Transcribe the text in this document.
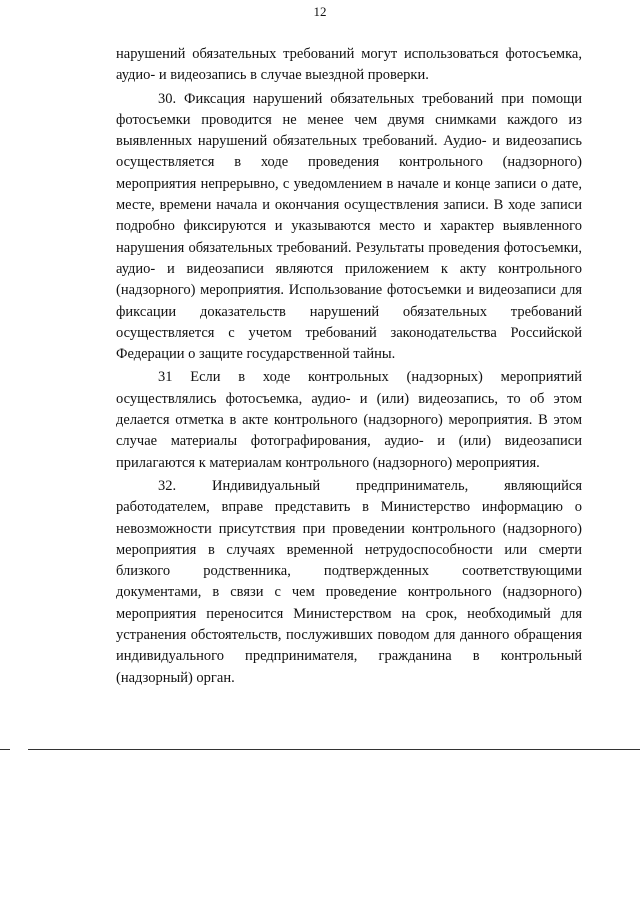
12

нарушений обязательных требований могут использоваться фотосъемка, аудио- и видеозапись в случае выездной проверки.

30. Фиксация нарушений обязательных требований при помощи фотосъемки проводится не менее чем двумя снимками каждого из выявленных нарушений обязательных требований. Аудио- и видеозапись осуществляется в ходе проведения контрольного (надзорного) мероприятия непрерывно, с уведомлением в начале и конце записи о дате, месте, времени начала и окончания осуществления записи. В ходе записи подробно фиксируются и указываются место и характер выявленного нарушения обязательных требований. Результаты проведения фотосъемки, аудио- и видеозаписи являются приложением к акту контрольного (надзорного) мероприятия. Использование фотосъемки и видеозаписи для фиксации доказательств нарушений обязательных требований осуществляется с учетом требований законодательства Российской Федерации о защите государственной тайны.

31 Если в ходе контрольных (надзорных) мероприятий осуществлялись фотосъемка, аудио- и (или) видеозапись, то об этом делается отметка в акте контрольного (надзорного) мероприятия. В этом случае материалы фотографирования, аудио- и (или) видеозаписи прилагаются к материалам контрольного (надзорного) мероприятия.

32. Индивидуальный предприниматель, являющийся работодателем, вправе представить в Министерство информацию о невозможности присутствия при проведении контрольного (надзорного) мероприятия в случаях временной нетрудоспособности или смерти близкого родственника, подтвержденных соответствующими документами, в связи с чем проведение контрольного (надзорного) мероприятия переносится Министерством на срок, необходимый для устранения обстоятельств, послуживших поводом для данного обращения индивидуального предпринимателя, гражданина в контрольный (надзорный) орган.
